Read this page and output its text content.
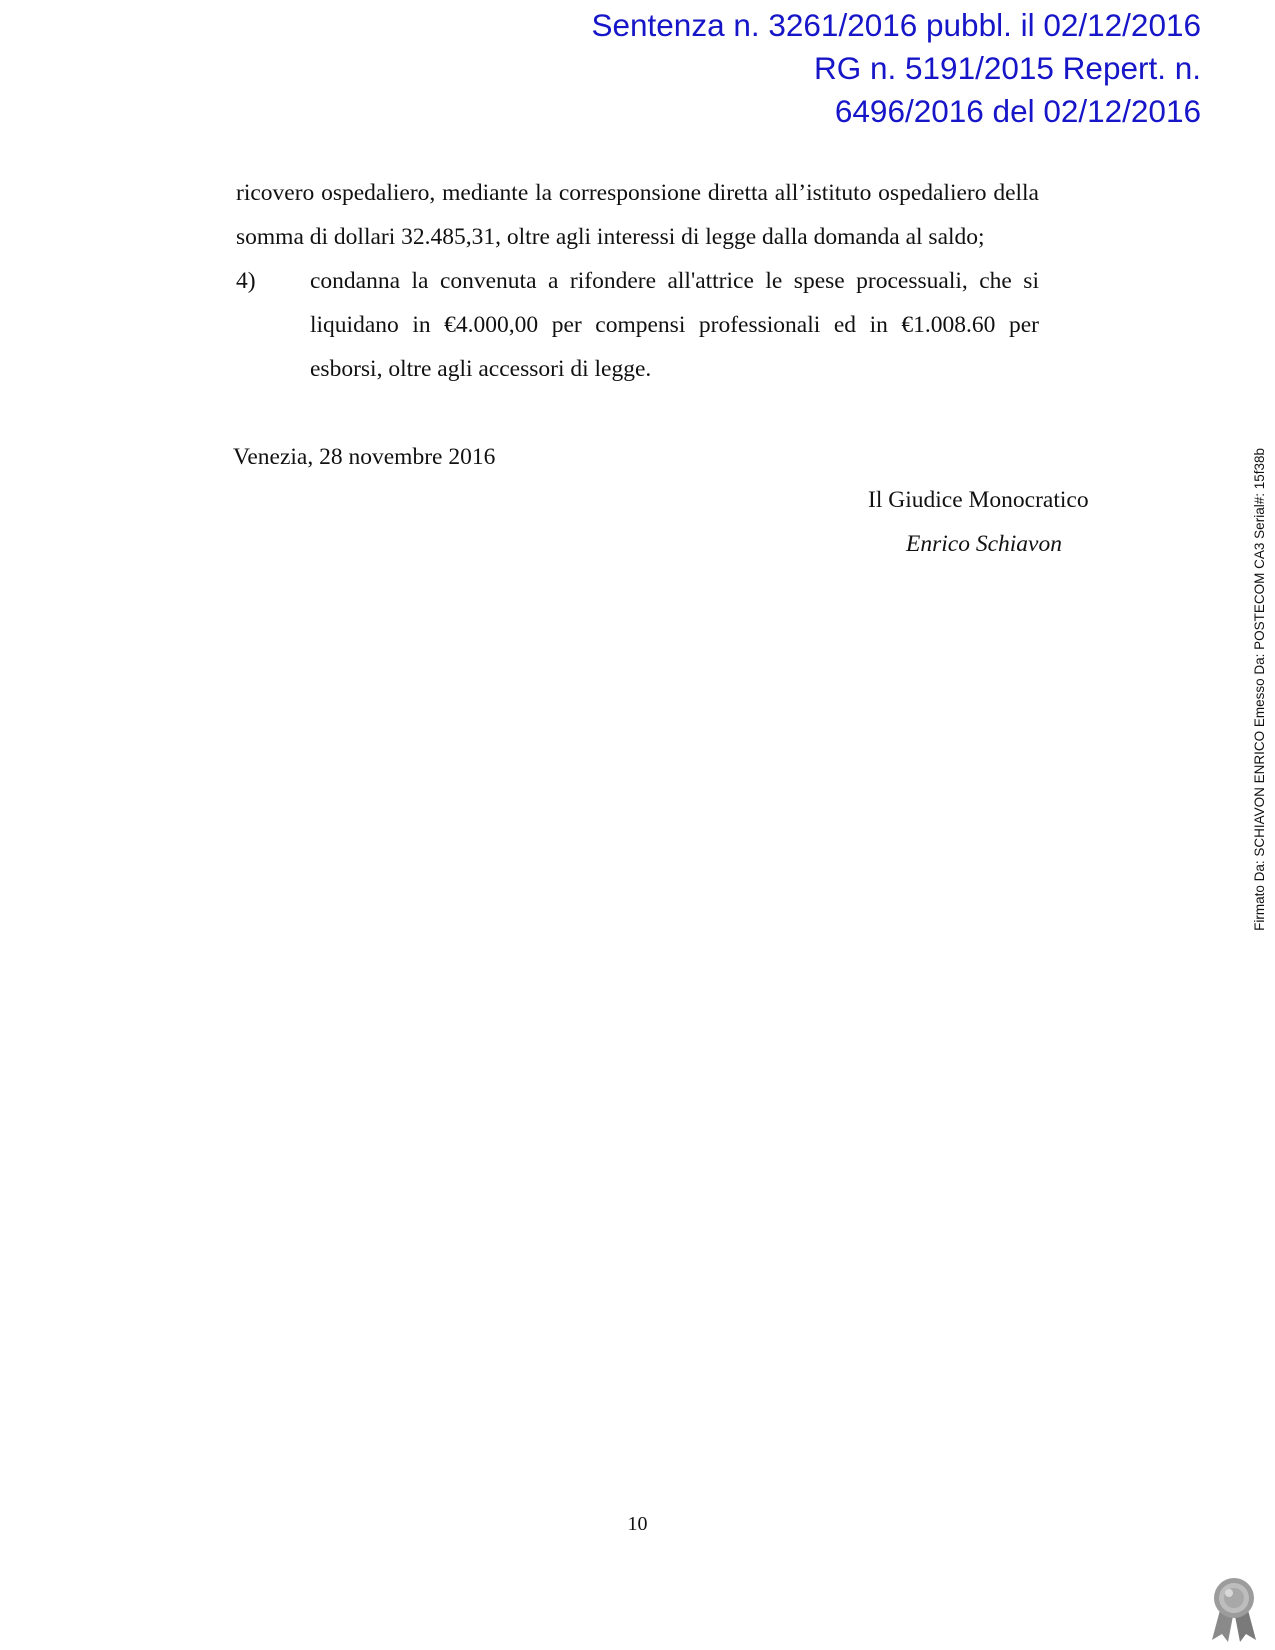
Sentenza n. 3261/2016 pubbl. il 02/12/2016
RG n. 5191/2015 Repert. n.
6496/2016 del 02/12/2016

ricovero ospedaliero, mediante la corresponsione diretta all’istituto ospedaliero della somma di dollari 32.485,31, oltre agli interessi di legge dalla domanda al saldo;

4)	condanna la convenuta a rifondere all'attrice le spese processuali, che si liquidano in €4.000,00 per compensi professionali ed in €1.008.60 per esborsi, oltre agli accessori di legge.
Venezia, 28 novembre 2016
Il Giudice Monocratico
Enrico Schiavon
10
Firmato Da: SCHIAVON ENRICO Emesso Da: POSTECOM CA3 Serial#: 15f38b
